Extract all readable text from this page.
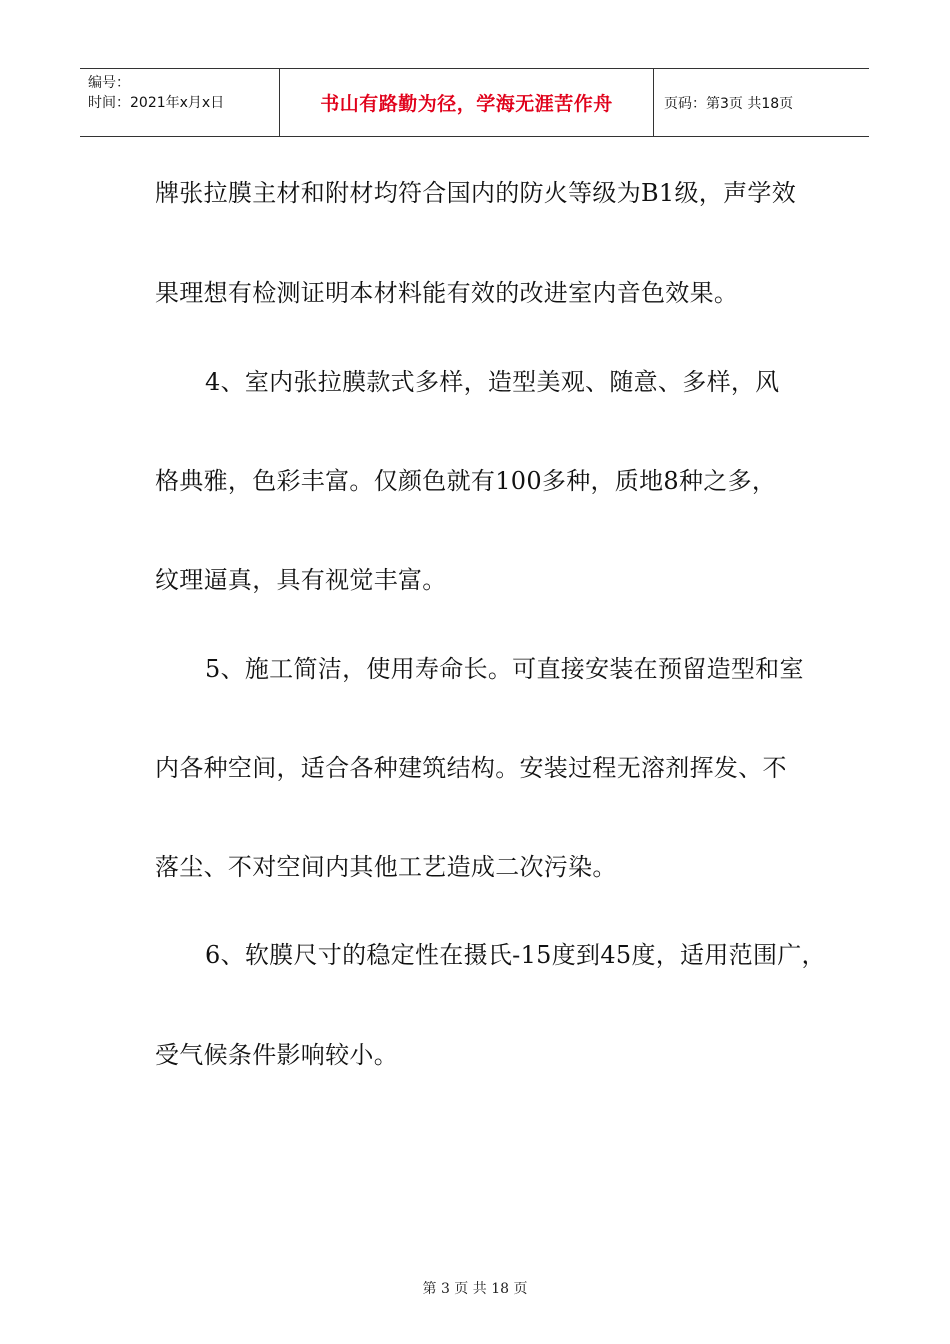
编号：
时间：2021年x月x日	书山有路勤为径，学海无涯苦作舟	页码：第3页 共18页
牌张拉膜主材和附材均符合国内的防火等级为B1级，声学效
果理想有检测证明本材料能有效的改进室内音色效果。
4、室内张拉膜款式多样，造型美观、随意、多样，风
格典雅，色彩丰富。仅颜色就有100多种，质地8种之多，
纹理逼真，具有视觉丰富。
5、施工简洁，使用寿命长。可直接安装在预留造型和室
内各种空间，适合各种建筑结构。安装过程无溶剂挥发、不
落尘、不对空间内其他工艺造成二次污染。
6、软膜尺寸的稳定性在摄氏-15度到45度，适用范围广，
受气候条件影响较小。
第 3 页 共 18 页
